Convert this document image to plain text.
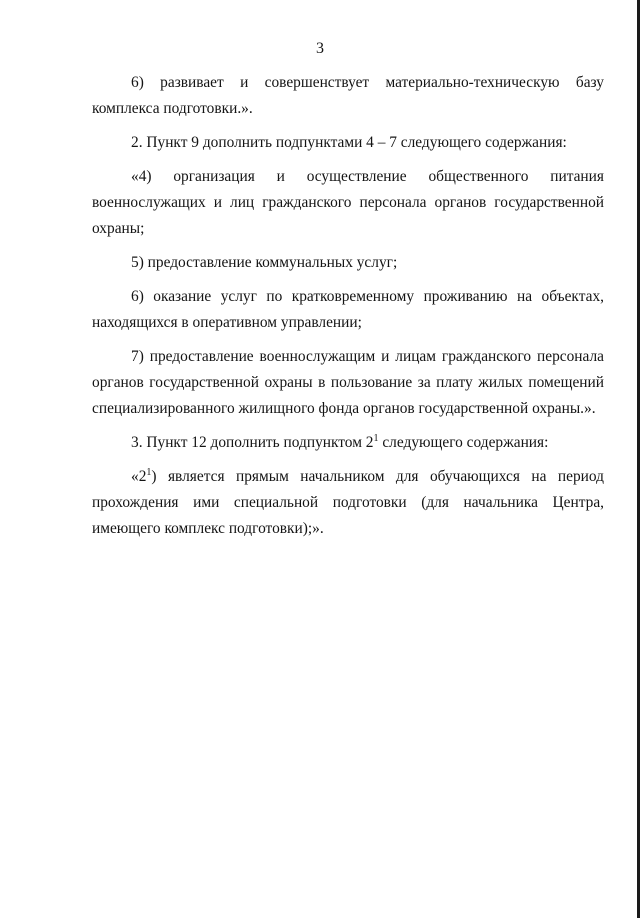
3

6) развивает и совершенствует материально-техническую базу комплекса подготовки.».

2. Пункт 9 дополнить подпунктами 4 – 7 следующего содержания:

«4) организация и осуществление общественного питания военнослужащих и лиц гражданского персонала органов государственной охраны;

5) предоставление коммунальных услуг;

6) оказание услуг по кратковременному проживанию на объектах, находящихся в оперативном управлении;

7) предоставление военнослужащим и лицам гражданского персонала органов государственной охраны в пользование за плату жилых помещений специализированного жилищного фонда органов государственной охраны.».

3. Пункт 12 дополнить подпунктом $2^1$ следующего содержания:

«$2^1$) является прямым начальником для обучающихся на период прохождения ими специальной подготовки (для начальника Центра, имеющего комплекс подготовки);».
